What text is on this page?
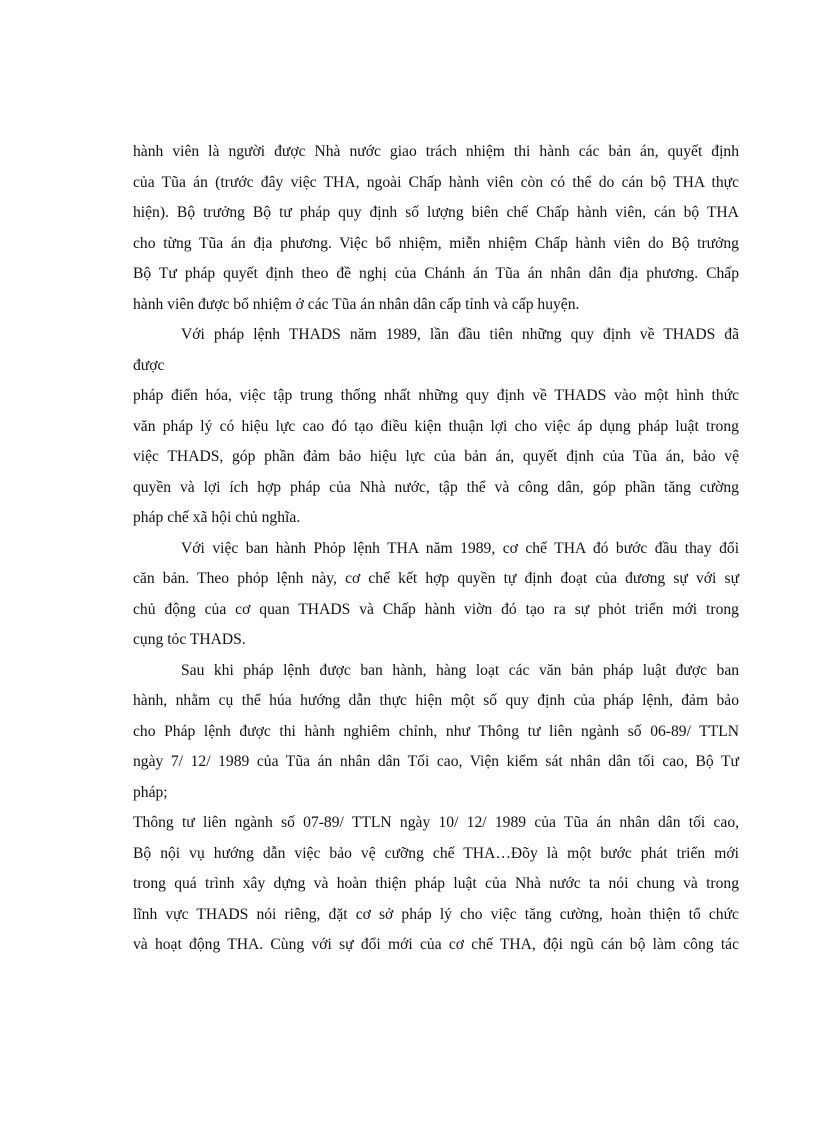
hành viên là người được Nhà nước giao trách nhiệm thi hành các bản án, quyết định
của Tũa án (trước đây việc THA, ngoài Chấp hành viên còn có thể do cán bộ THA thực
hiện). Bộ trưởng Bộ tư pháp quy định số lượng biên chế Chấp hành viên, cán bộ THA
cho từng Tũa án địa phương. Việc bổ nhiệm, miễn nhiệm Chấp hành viên do Bộ trưởng
Bộ Tư pháp quyết định theo đề nghị của Chánh án Tũa án nhân dân địa phương. Chấp
hành viên được bổ nhiệm ở các Tũa án nhân dân cấp tỉnh và cấp huyện.
Với pháp lệnh THADS năm 1989, lần đầu tiên những quy định về THADS đã
được
pháp điển hóa, việc tập trung thống nhất những quy định về THADS vào một hình thức
văn pháp lý có hiệu lực cao đó tạo điều kiện thuận lợi cho việc áp dụng pháp luật trong
việc THADS, góp phần đảm bảo hiệu lực của bản án, quyết định của Tũa án, bảo vệ
quyền và lợi ích hợp pháp của Nhà nước, tập thể và công dân, góp phần tăng cường
pháp chế xã hội chủ nghĩa.
Với việc ban hành Phỏp lệnh THA năm 1989, cơ chế THA đó bước đầu thay đổi
căn bản. Theo phỏp lệnh này, cơ chế kết hợp quyền tự định đoạt của đương sự với sự
chủ động của cơ quan THADS và Chấp hành viờn đó tạo ra sự phỏt triển mới trong
cụng tỏc THADS.
Sau khi pháp lệnh được ban hành, hàng loạt các văn bản pháp luật được ban
hành, nhằm cụ thể húa hướng dẫn thực hiện một số quy định của pháp lệnh, đảm bảo
cho Pháp lệnh được thi hành nghiêm chỉnh, như Thông tư liên ngành số 06-89/ TTLN
ngày 7/ 12/ 1989 của Tũa án nhân dân Tối cao, Viện kiểm sát nhân dân tối cao, Bộ Tư
pháp;
Thông tư liên ngành số 07-89/ TTLN ngày 10/ 12/ 1989 của Tũa án nhân dân tối cao,
Bộ nội vụ hướng dẫn việc bảo vệ cưỡng chế THA…Đõy là một bước phát triển mới
trong quá trình xây dựng và hoàn thiện pháp luật của Nhà nước ta nói chung và trong
lĩnh vực THADS nói riêng, đặt cơ sở pháp lý cho việc tăng cường, hoàn thiện tổ chức
và hoạt động THA. Cùng với sự đổi mới của cơ chế THA, đội ngũ cán bộ làm công tác
